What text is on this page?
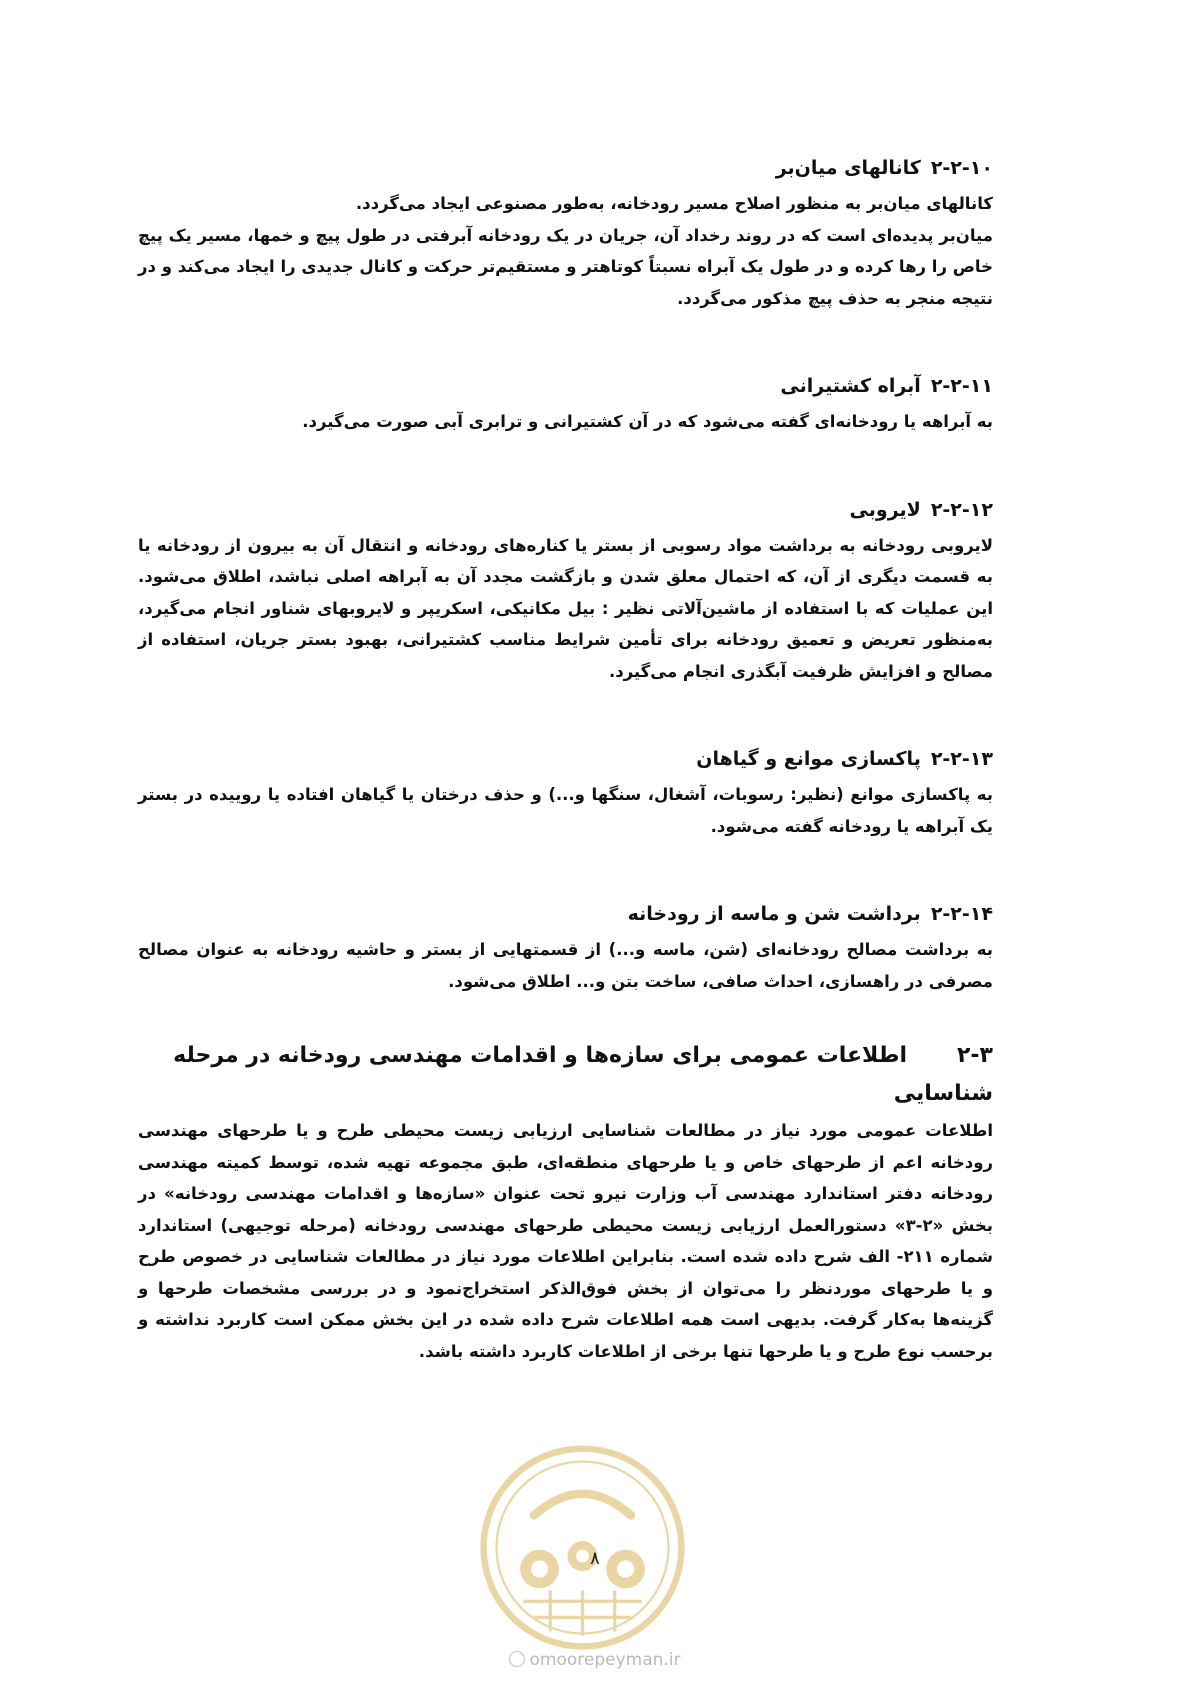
۲-۲-۱۰کانالهای میان‌بر

کانالهای میان‌بر به منظور اصلاح مسیر رودخانه، به‌طور مصنوعی ایجاد می‌گردد.

میان‌بر پدیده‌ای است که در روند رخداد آن، جریان در یک رودخانه آبرفتی در طول پیچ و خمها، مسیر یک پیچ خاص را رها کرده و در طول یک آبراه نسبتاً کوتاهتر و مستقیم‌تر حرکت و کانال جدیدی را ایجاد می‌کند و در نتیجه منجر به حذف پیچ مذکور می‌گردد.

۲-۲-۱۱آبراه کشتیرانی

به آبراهه یا رودخانه‌ای گفته می‌شود که در آن کشتیرانی و ترابری آبی صورت می‌گیرد.

۲-۲-۱۲لایروبی

لایروبی رودخانه به برداشت مواد رسوبی از بستر یا کناره‌های رودخانه و انتقال آن به بیرون از رودخانه یا به قسمت دیگری از آن، که احتمال معلق شدن و بازگشت مجدد آن به آبراهه اصلی نباشد، اطلاق می‌شود. این عملیات که با استفاده از ماشین‌آلاتی نظیر : بیل مکانیکی، اسکریپر و لایروبهای شناور انجام می‌گیرد، به‌منظور تعریض و تعمیق رودخانه برای تأمین شرایط مناسب کشتیرانی، بهبود بستر جریان، استفاده از مصالح و افزایش ظرفیت آبگذری انجام می‌گیرد.

۲-۲-۱۳پاکسازی موانع و گیاهان

به پاکسازی موانع (نظیر: رسوبات، آشغال، سنگها و...) و حذف درختان یا گیاهان افتاده یا روییده در بستر یک آبراهه یا رودخانه گفته می‌شود.

۲-۲-۱۴برداشت شن و ماسه از رودخانه

به برداشت مصالح رودخانه‌ای (شن، ماسه و...) از قسمتهایی از بستر و حاشیه رودخانه به عنوان مصالح مصرفی در راهسازی، احداث صافی، ساخت بتن و... اطلاق می‌شود.

۲-۳اطلاعات عمومی برای سازه‌ها و اقدامات مهندسی رودخانه در مرحله شناسایی

اطلاعات عمومی مورد نیاز در مطالعات شناسایی ارزیابی زیست محیطی طرح و یا طرحهای مهندسی رودخانه اعم از طرحهای خاص و یا طرحهای منطقه‌ای، طبق مجموعه تهیه شده، توسط کمیته مهندسی رودخانه دفتر استاندارد مهندسی آب وزارت نیرو تحت عنوان «سازه‌ها و اقدامات مهندسی رودخانه» در بخش «۲-۳» دستورالعمل ارزیابی زیست محیطی طرحهای مهندسی رودخانه (مرحله توجیهی) استاندارد شماره ۲۱۱- الف شرح داده شده است. بنابراین اطلاعات مورد نیاز در مطالعات شناسایی در خصوص طرح و یا طرحهای موردنظر را می‌توان از بخش فوق‌الذکر استخراج‌نمود و در بررسی مشخصات طرحها و گزینه‌ها به‌کار گرفت. بدیهی است همه اطلاعات شرح داده شده در این بخش ممکن است کاربرد نداشته و برحسب نوع طرح و یا طرحها تنها برخی از اطلاعات کاربرد داشته باشد.

۸
omoorepeyman.ir
